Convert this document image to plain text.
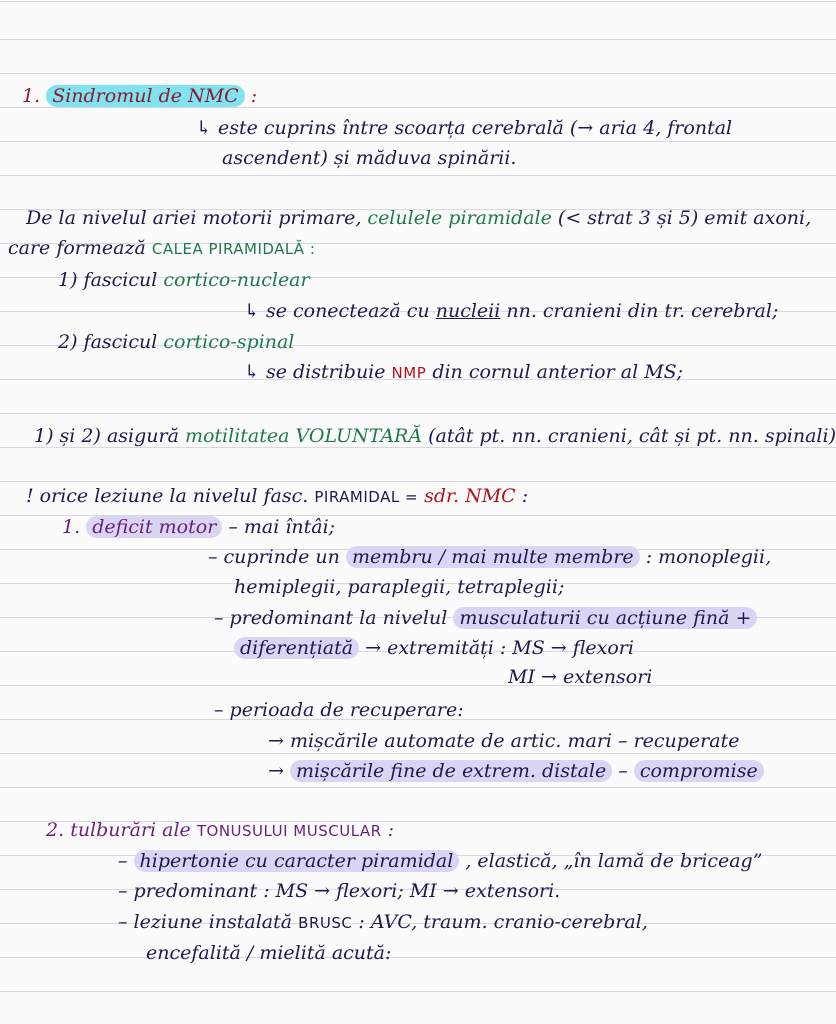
1. Sindromul de NMC :
↳ este cuprins între scoarța cerebrală (→ aria 4, frontal
ascendent) și măduva spinării.
De la nivelul ariei motorii primare, celulele piramidale (< strat 3 și 5) emit axoni,
care formează CALEA PIRAMIDALĂ :
1) fascicul cortico-nuclear
↳ se conectează cu nucleii nn. cranieni din tr. cerebral;
2) fascicul cortico-spinal
↳ se distribuie NMP din cornul anterior al MS;
1) și 2) asigură motilitatea VOLUNTARĂ (atât pt. nn. cranieni, cât și pt. nn. spinali)
! orice leziune la nivelul fasc. PIRAMIDAL = sdr. NMC :
1. deficit motor – mai întâi;
– cuprinde un membru / mai multe membre : monoplegii,
hemiplegii, paraplegii, tetraplegii;
– predominant la nivelul musculaturii cu acțiune fină +
diferențiată → extremități : MS → flexori
MI → extensori
– perioada de recuperare:
→ mișcările automate de artic. mari – recuperate
→ mișcările fine de extrem. distale – compromise
2. tulburări ale TONUSULUI MUSCULAR :
– hipertonie cu caracter piramidal , elastică, „în lamă de briceag”
– predominant : MS → flexori; MI → extensori.
– leziune instalată BRUSC : AVC, traum. cranio-cerebral,
encefalită / mielită acută:
